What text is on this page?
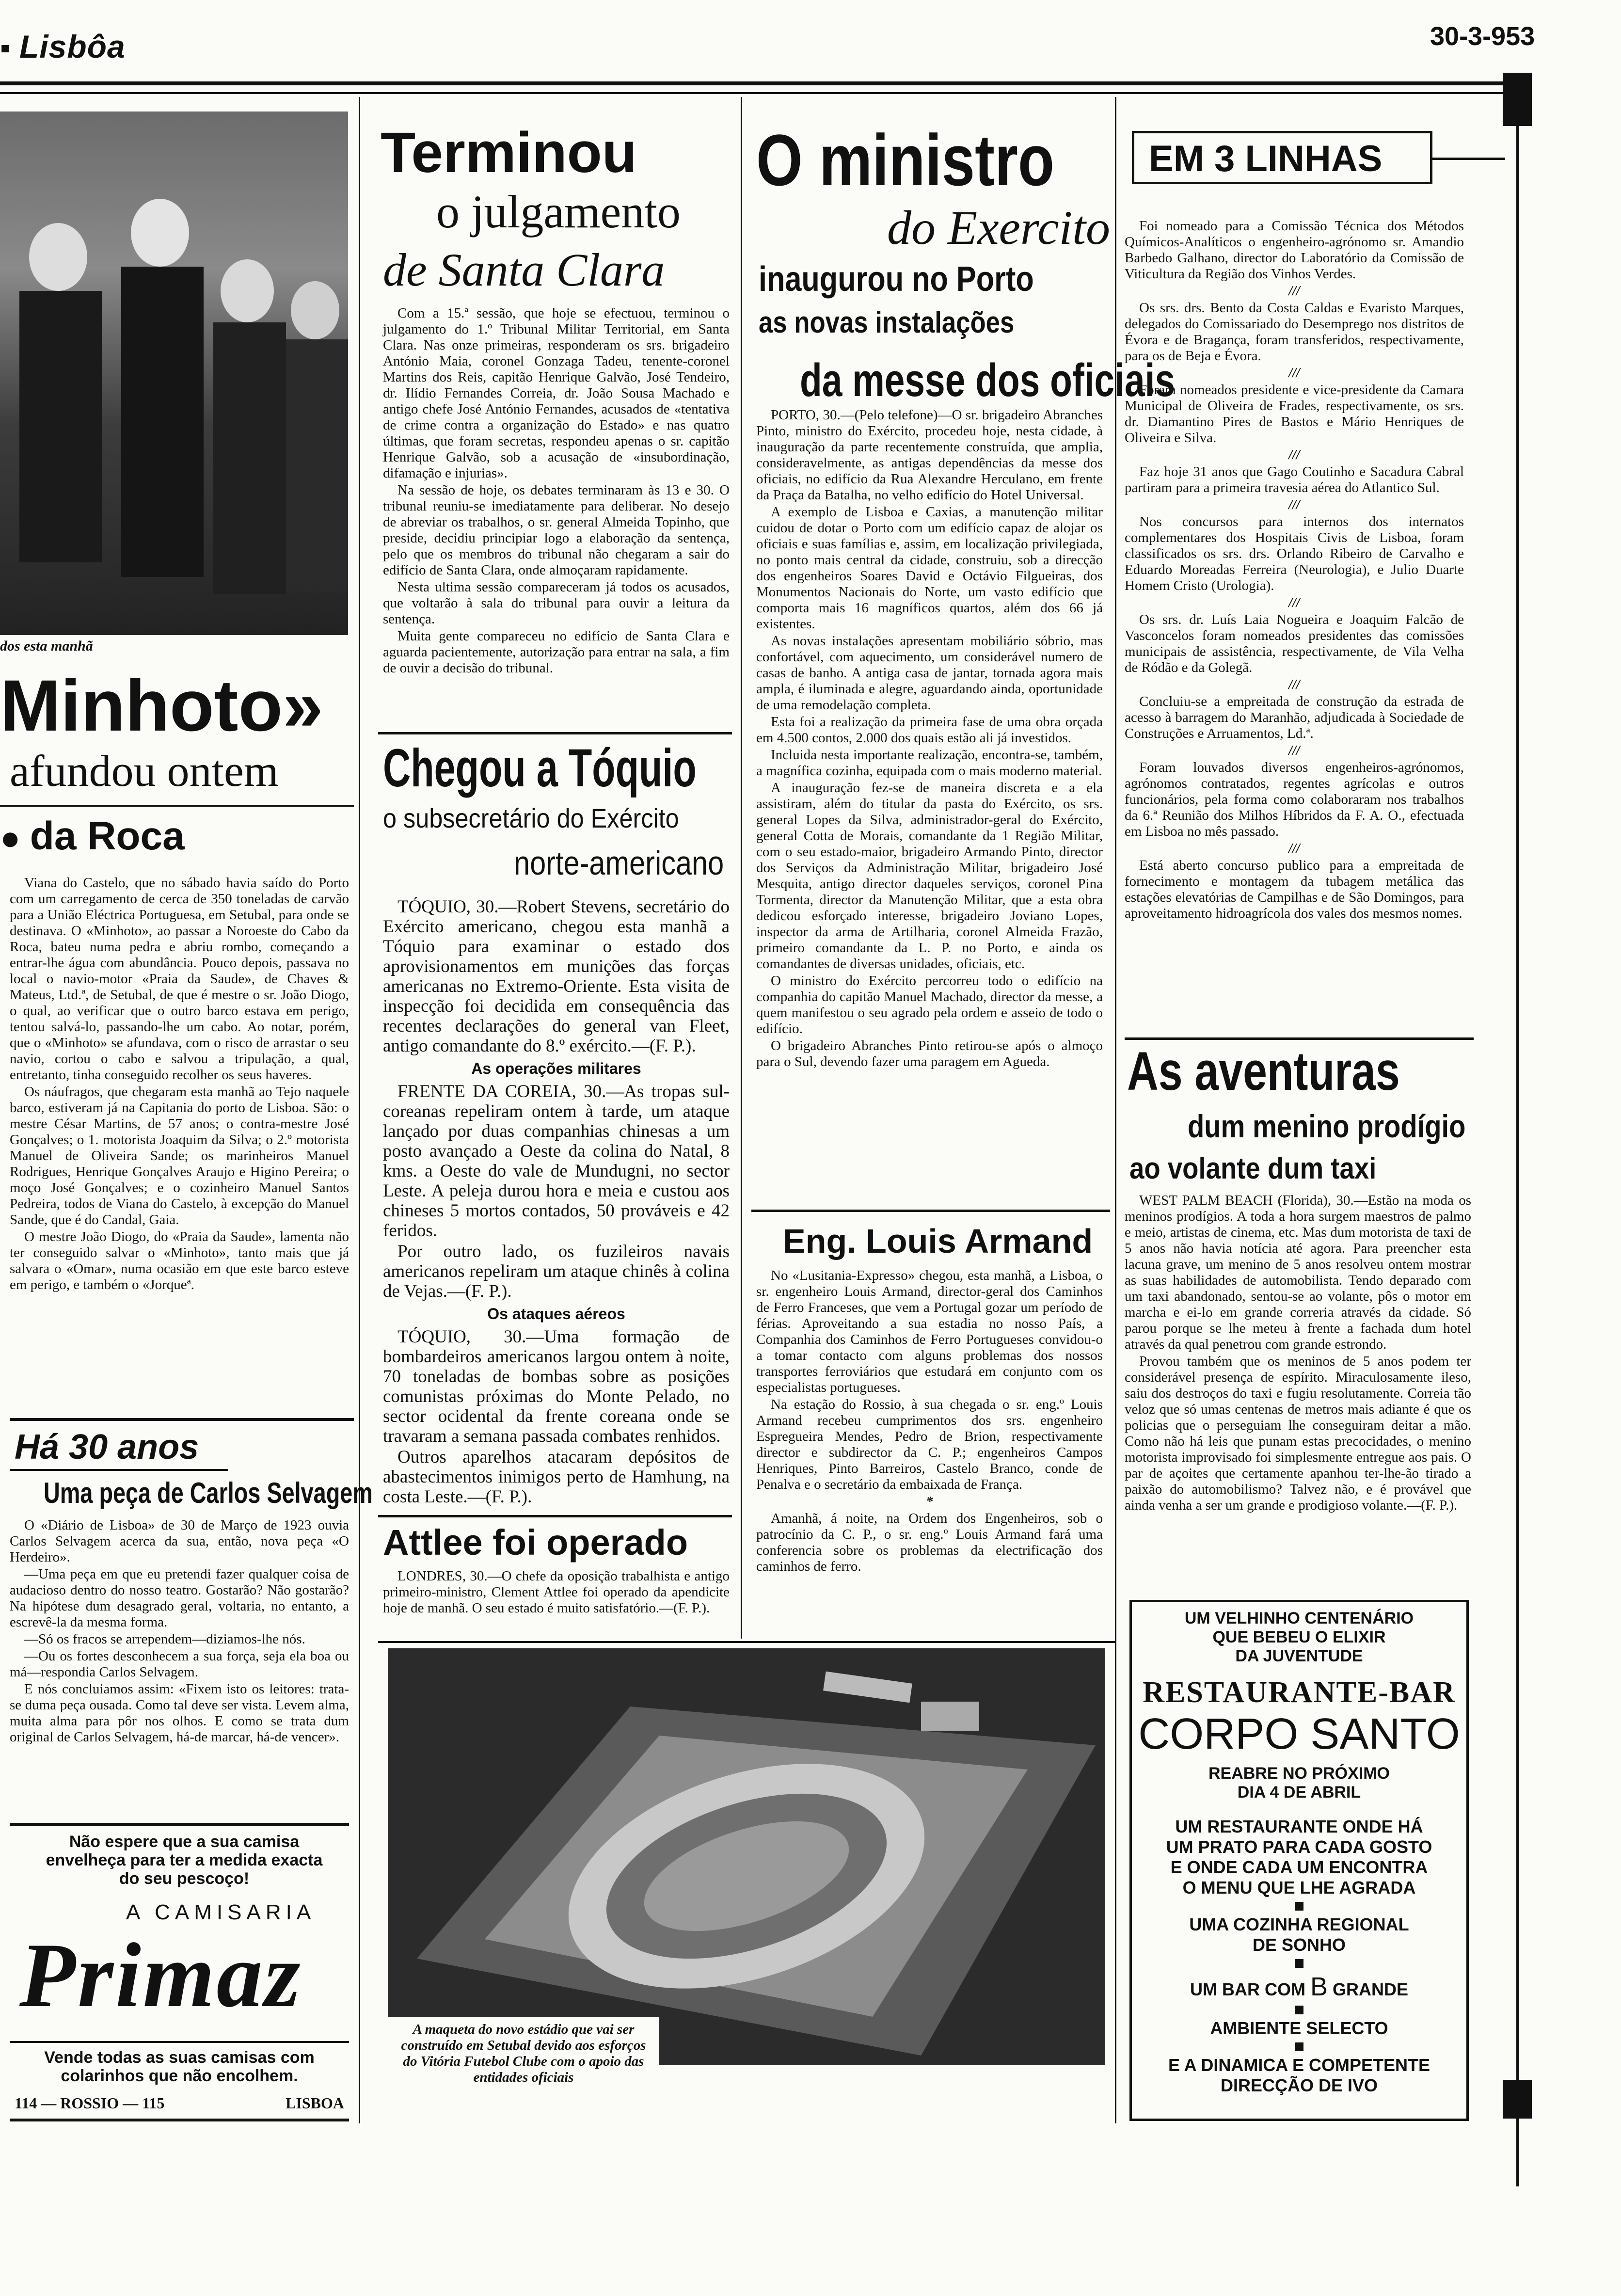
▪ Lisbôa	30-3-953
dos esta manhã
Minhoto»
afundou ontem
● da Roca

Viana do Castelo, que no sábado havia saído do Porto com um carregamento de cerca de 350 toneladas de carvão para a União Eléctrica Portuguesa, em Setubal, para onde se destinava. O «Minhoto», ao passar a Noroeste do Cabo da Roca, bateu numa pedra e abriu rombo, começando a entrar-lhe água com abundância. Pouco depois, passava no local o navio-motor «Praia da Saude», de Chaves & Mateus, Ltd.ª, de Setubal, de que é mestre o sr. João Diogo, o qual, ao verificar que o outro barco estava em perigo, tentou salvá-lo, passando-lhe um cabo. Ao notar, porém, que o «Minhoto» se afundava, com o risco de arrastar o seu navio, cortou o cabo e salvou a tripulação, a qual, entretanto, tinha conseguido recolher os seus haveres.

Os náufragos, que chegaram esta manhã ao Tejo naquele barco, estiveram já na Capitania do porto de Lisboa. São: o mestre César Martins, de 57 anos; o contra-mestre José Gonçalves; o 1. motorista Joaquim da Silva; o 2.º motorista Manuel de Oliveira Sande; os marinheiros Manuel Rodrigues, Henrique Gonçalves Araujo e Higino Pereira; o moço José Gonçalves; e o cozinheiro Manuel Santos Pedreira, todos de Viana do Castelo, à excepção do Manuel Sande, que é do Candal, Gaia.

O mestre João Diogo, do «Praia da Saude», lamenta não ter conseguido salvar o «Minhoto», tanto mais que já salvara o «Omar», numa ocasião em que este barco esteve em perigo, e também o «Jorqueª.

Há 30 anos
Uma peça de Carlos Selvagem

O «Diário de Lisboa» de 30 de Março de 1923 ouvia Carlos Selvagem acerca da sua, então, nova peça «O Herdeiro».

—Uma peça em que eu pretendi fazer qualquer coisa de audacioso dentro do nosso teatro. Gostarão? Não gostarão? Na hipótese dum desagrado geral, voltaria, no entanto, a escrevê-la da mesma forma.

—Só os fracos se arrependem—diziamos-lhe nós.

—Ou os fortes desconhecem a sua força, seja ela boa ou má—respondia Carlos Selvagem.

E nós concluiamos assim: «Fixem isto os leitores: trata-se duma peça ousada. Como tal deve ser vista. Levem alma, muita alma para pôr nos olhos. E como se trata dum original de Carlos Selvagem, há-de marcar, há-de vencer».

Não espere que a sua camisa envelheça para ter a medida exacta do seu pescoço!
A CAMISARIA
Primaz
Vende todas as suas camisas com colarinhos que não encolhem.
114 — ROSSIO — 115	LISBOA
Terminou
o julgamento
de Santa Clara

Com a 15.ª sessão, que hoje se efectuou, terminou o julgamento do 1.º Tribunal Militar Territorial, em Santa Clara. Nas onze primeiras, responderam os srs. brigadeiro António Maia, coronel Gonzaga Tadeu, tenente-coronel Martins dos Reis, capitão Henrique Galvão, José Tendeiro, dr. Ilídio Fernandes Correia, dr. João Sousa Machado e antigo chefe José António Fernandes, acusados de «tentativa de crime contra a organização do Estado» e nas quatro últimas, que foram secretas, respondeu apenas o sr. capitão Henrique Galvão, sob a acusação de «insubordinação, difamação e injurias».

Na sessão de hoje, os debates terminaram às 13 e 30. O tribunal reuniu-se imediatamente para deliberar. No desejo de abreviar os trabalhos, o sr. general Almeida Topinho, que preside, decidiu principiar logo a elaboração da sentença, pelo que os membros do tribunal não chegaram a sair do edifício de Santa Clara, onde almoçaram rapidamente.

Nesta ultima sessão compareceram já todos os acusados, que voltarão à sala do tribunal para ouvir a leitura da sentença.

Muita gente compareceu no edifício de Santa Clara e aguarda pacientemente, autorização para entrar na sala, a fim de ouvir a decisão do tribunal.

Chegou a Tóquio
o subsecretário do Exército
norte-americano

TÓQUIO, 30.—Robert Stevens, secretário do Exército americano, chegou esta manhã a Tóquio para examinar o estado dos aprovisionamentos em munições das forças americanas no Extremo-Oriente. Esta visita de inspecção foi decidida em consequência das recentes declarações do general van Fleet, antigo comandante do 8.º exército.—(F. P.).

As operações militares

FRENTE DA COREIA, 30.—As tropas sul-coreanas repeliram ontem à tarde, um ataque lançado por duas companhias chinesas a um posto avançado a Oeste da colina do Natal, 8 kms. a Oeste do vale de Mundugni, no sector Leste. A peleja durou hora e meia e custou aos chineses 5 mortos contados, 50 prováveis e 42 feridos.

Por outro lado, os fuzileiros navais americanos repeliram um ataque chinês à colina de Vejas.—(F. P.).

Os ataques aéreos

TÓQUIO, 30.—Uma formação de bombardeiros americanos largou ontem à noite, 70 toneladas de bombas sobre as posições comunistas próximas do Monte Pelado, no sector ocidental da frente coreana onde se travaram a semana passada combates renhidos.

Outros aparelhos atacaram depósitos de abastecimentos inimigos perto de Hamhung, na costa Leste.—(F. P.).

Attlee foi operado

LONDRES, 30.—O chefe da oposição trabalhista e antigo primeiro-ministro, Clement Attlee foi operado da apendicite hoje de manhã. O seu estado é muito satisfatório.—(F. P.).

O ministro
do Exercito
inaugurou no Porto
as novas instalações
da messe dos oficiais

PORTO, 30.—(Pelo telefone)—O sr. brigadeiro Abranches Pinto, ministro do Exército, procedeu hoje, nesta cidade, à inauguração da parte recentemente construída, que amplia, consideravelmente, as antigas dependências da messe dos oficiais, no edifício da Rua Alexandre Herculano, em frente da Praça da Batalha, no velho edifício do Hotel Universal.

A exemplo de Lisboa e Caxias, a manutenção militar cuidou de dotar o Porto com um edifício capaz de alojar os oficiais e suas famílias e, assim, em localização privilegiada, no ponto mais central da cidade, construiu, sob a direcção dos engenheiros Soares David e Octávio Filgueiras, dos Monumentos Nacionais do Norte, um vasto edifício que comporta mais 16 magníficos quartos, além dos 66 já existentes.

As novas instalações apresentam mobiliário sóbrio, mas confortável, com aquecimento, um considerável numero de casas de banho. A antiga casa de jantar, tornada agora mais ampla, é iluminada e alegre, aguardando ainda, oportunidade de uma remodelação completa.

Esta foi a realização da primeira fase de uma obra orçada em 4.500 contos, 2.000 dos quais estão ali já investidos.

Incluida nesta importante realização, encontra-se, também, a magnífica cozinha, equipada com o mais moderno material.

A inauguração fez-se de maneira discreta e a ela assistiram, além do titular da pasta do Exército, os srs. general Lopes da Silva, administrador-geral do Exército, general Cotta de Morais, comandante da 1 Região Militar, com o seu estado-maior, brigadeiro Armando Pinto, director dos Serviços da Administração Militar, brigadeiro José Mesquita, antigo director daqueles serviços, coronel Pina Tormenta, director da Manutenção Militar, que a esta obra dedicou esforçado interesse, brigadeiro Joviano Lopes, inspector da arma de Artilharia, coronel Almeida Frazão, primeiro comandante da L. P. no Porto, e ainda os comandantes de diversas unidades, oficiais, etc.

O ministro do Exército percorreu todo o edifício na companhia do capitão Manuel Machado, director da messe, a quem manifestou o seu agrado pela ordem e asseio de todo o edifício.

O brigadeiro Abranches Pinto retirou-se após o almoço para o Sul, devendo fazer uma paragem em Agueda.

Eng. Louis Armand

No «Lusitania-Expresso» chegou, esta manhã, a Lisboa, o sr. engenheiro Louis Armand, director-geral dos Caminhos de Ferro Franceses, que vem a Portugal gozar um período de férias. Aproveitando a sua estadia no nosso País, a Companhia dos Caminhos de Ferro Portugueses convidou-o a tomar contacto com alguns problemas dos nossos transportes ferroviários que estudará em conjunto com os especialistas portugueses.

Na estação do Rossio, à sua chegada o sr. eng.º Louis Armand recebeu cumprimentos dos srs. engenheiro Espregueira Mendes, Pedro de Brion, respectivamente director e subdirector da C. P.; engenheiros Campos Henriques, Pinto Barreiros, Castelo Branco, conde de Penalva e o secretário da embaixada de França.

*

Amanhã, á noite, na Ordem dos Engenheiros, sob o patrocínio da C. P., o sr. eng.º Louis Armand fará uma conferencia sobre os problemas da electrificação dos caminhos de ferro.

A maqueta do novo estádio que vai ser construído em Setubal devido aos esforços do Vitória Futebol Clube com o apoio das entidades oficiais
EM 3 LINHAS

Foi nomeado para a Comissão Técnica dos Métodos Químicos-Analíticos o engenheiro-agrónomo sr. Amandio Barbedo Galhano, director do Laboratório da Comissão de Viticultura da Região dos Vinhos Verdes.

///

Os srs. drs. Bento da Costa Caldas e Evaristo Marques, delegados do Comissariado do Desemprego nos distritos de Évora e de Bragança, foram transferidos, respectivamente, para os de Beja e Évora.

///

Foram nomeados presidente e vice-presidente da Camara Municipal de Oliveira de Frades, respectivamente, os srs. dr. Diamantino Pires de Bastos e Mário Henriques de Oliveira e Silva.

///

Faz hoje 31 anos que Gago Coutinho e Sacadura Cabral partiram para a primeira travesia aérea do Atlantico Sul.

///

Nos concursos para internos dos internatos complementares dos Hospitais Civis de Lisboa, foram classificados os srs. drs. Orlando Ribeiro de Carvalho e Eduardo Moreadas Ferreira (Neurologia), e Julio Duarte Homem Cristo (Urologia).

///

Os srs. dr. Luís Laia Nogueira e Joaquim Falcão de Vasconcelos foram nomeados presidentes das comissões municipais de assistência, respectivamente, de Vila Velha de Ródão e da Golegã.

///

Concluiu-se a empreitada de construção da estrada de acesso à barragem do Maranhão, adjudicada à Sociedade de Construções e Arruamentos, Ld.ª.

///

Foram louvados diversos engenheiros-agrónomos, agrónomos contratados, regentes agrícolas e outros funcionários, pela forma como colaboraram nos trabalhos da 6.ª Reunião dos Milhos Híbridos da F. A. O., efectuada em Lisboa no mês passado.

///

Está aberto concurso publico para a empreitada de fornecimento e montagem da tubagem metálica das estações elevatórias de Campilhas e de São Domingos, para aproveitamento hidroagrícola dos vales dos mesmos nomes.

As aventuras
dum menino prodígio
ao volante dum taxi

WEST PALM BEACH (Florida), 30.—Estão na moda os meninos prodígios. A toda a hora surgem maestros de palmo e meio, artistas de cinema, etc. Mas dum motorista de taxi de 5 anos não havia notícia até agora. Para preencher esta lacuna grave, um menino de 5 anos resolveu ontem mostrar as suas habilidades de automobilista. Tendo deparado com um taxi abandonado, sentou-se ao volante, pôs o motor em marcha e ei-lo em grande correria através da cidade. Só parou porque se lhe meteu à frente a fachada dum hotel através da qual penetrou com grande estrondo.

Provou também que os meninos de 5 anos podem ter considerável presença de espírito. Miraculosamente ileso, saiu dos destroços do taxi e fugiu resolutamente. Correia tão veloz que só umas centenas de metros mais adiante é que os policias que o perseguiam lhe conseguiram deitar a mão. Como não há leis que punam estas precocidades, o menino motorista improvisado foi simplesmente entregue aos pais. O par de açoites que certamente apanhou ter-lhe-ão tirado a paixão do automobilismo? Talvez não, e é provável que ainda venha a ser um grande e prodigioso volante.—(F. P.).

UM VELHINHO CENTENÁRIO
QUE BEBEU O ELIXIR
DA JUVENTUDE
RESTAURANTE-BAR
CORPO SANTO
REABRE NO PRÓXIMO
DIA 4 DE ABRIL
UM RESTAURANTE ONDE HÁ
UM PRATO PARA CADA GOSTO
E ONDE CADA UM ENCONTRA
O MENU QUE LHE AGRADA
UMA COZINHA REGIONAL
DE SONHO
UM BAR COM B GRANDE
AMBIENTE SELECTO
E A DINAMICA E COMPETENTE
DIRECÇÃO DE IVO
